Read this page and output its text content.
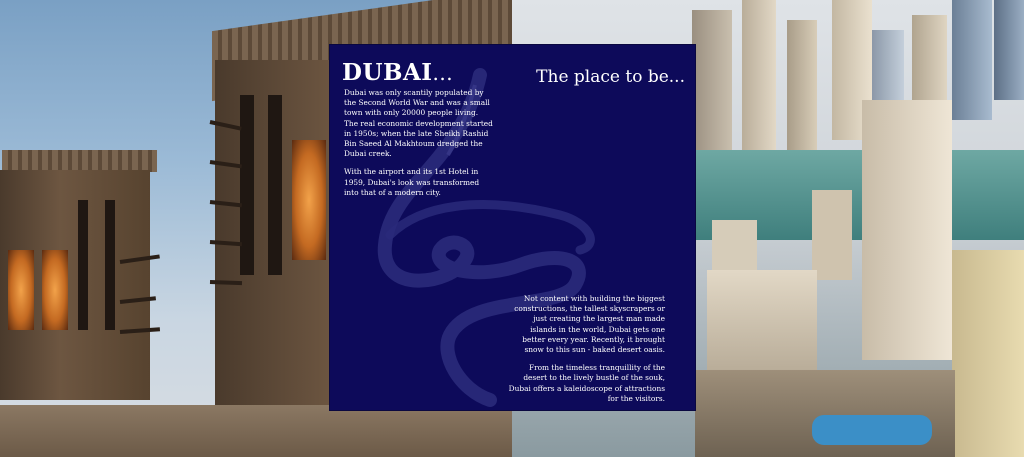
DUBAI...	The place to be...

Dubai was only scantily populated by the Second World War and was a small town with only 20000 people living. The real economic development started in 1950s; when the late Sheikh Rashid Bin Saeed Al Makhtoum dredged the Dubai creek.

With the airport and its 1st Hotel in 1959, Dubai's look was transformed into that of a modern city.

Not content with building the biggest constructions, the tallest skyscrapers or just creating the largest man made islands in the world, Dubai gets one better every year. Recently, it brought snow to this sun - baked desert oasis.

From the timeless tranquillity of the desert to the lively bustle of the souk, Dubai offers a kaleidoscope of attractions for the visitors.
